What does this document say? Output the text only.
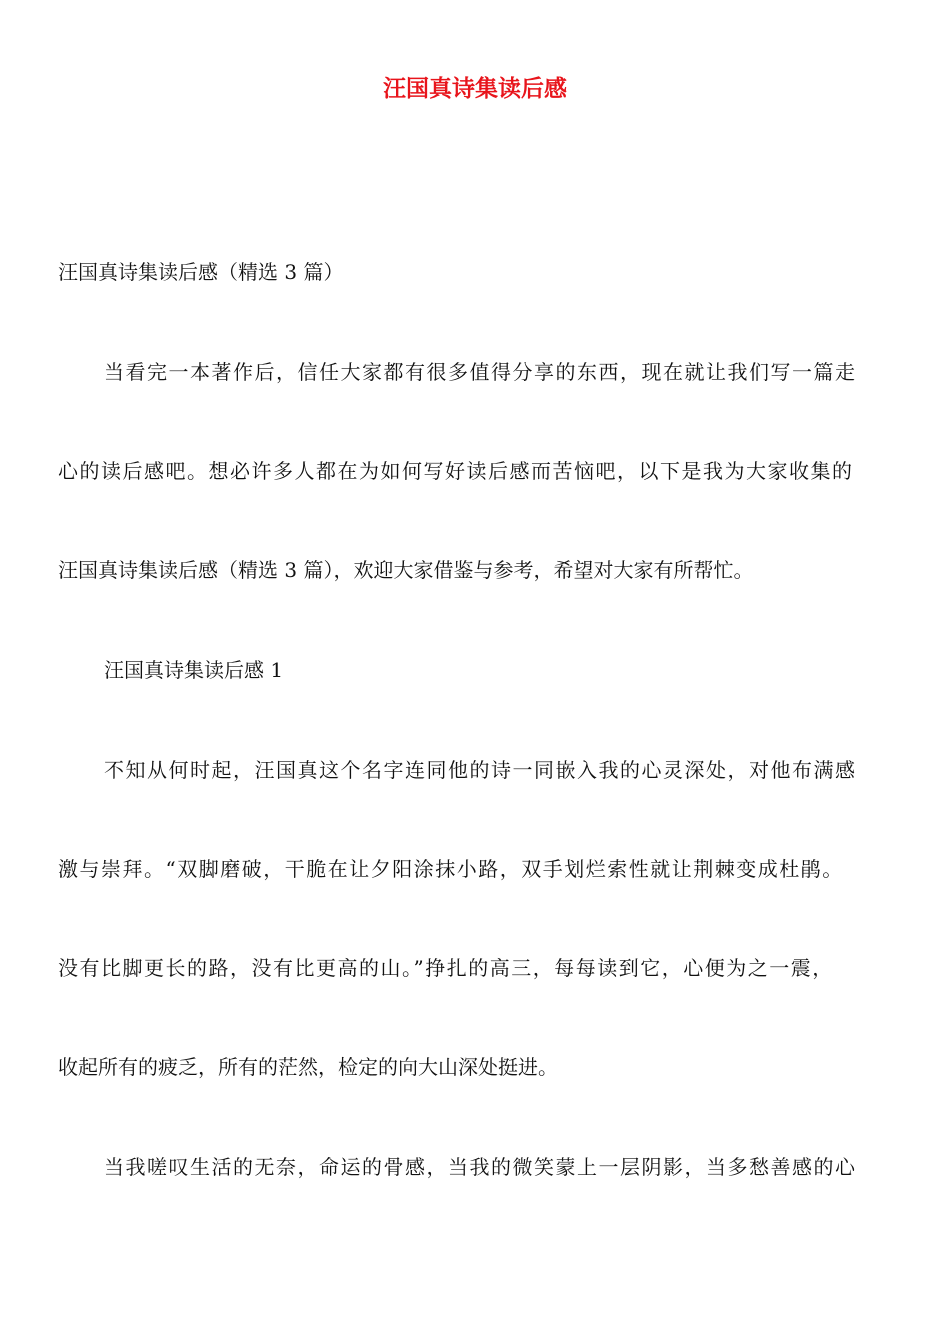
汪国真诗集读后感
汪国真诗集读后感（精选 3 篇）
当看完一本著作后，信任大家都有很多值得分享的东西，现在就让我们写一篇走
心的读后感吧。想必许多人都在为如何写好读后感而苦恼吧，以下是我为大家收集的
汪国真诗集读后感（精选 3 篇），欢迎大家借鉴与参考，希望对大家有所帮忙。
汪国真诗集读后感 1
不知从何时起，汪国真这个名字连同他的诗一同嵌入我的心灵深处，对他布满感
激与崇拜。“双脚磨破，干脆在让夕阳涂抹小路，双手划烂索性就让荆棘变成杜鹃。
没有比脚更长的路，没有比更高的山。”挣扎的高三，每每读到它，心便为之一震，
收起所有的疲乏，所有的茫然，检定的向大山深处挺进。
当我嗟叹生活的无奈，命运的骨感，当我的微笑蒙上一层阴影，当多愁善感的心
